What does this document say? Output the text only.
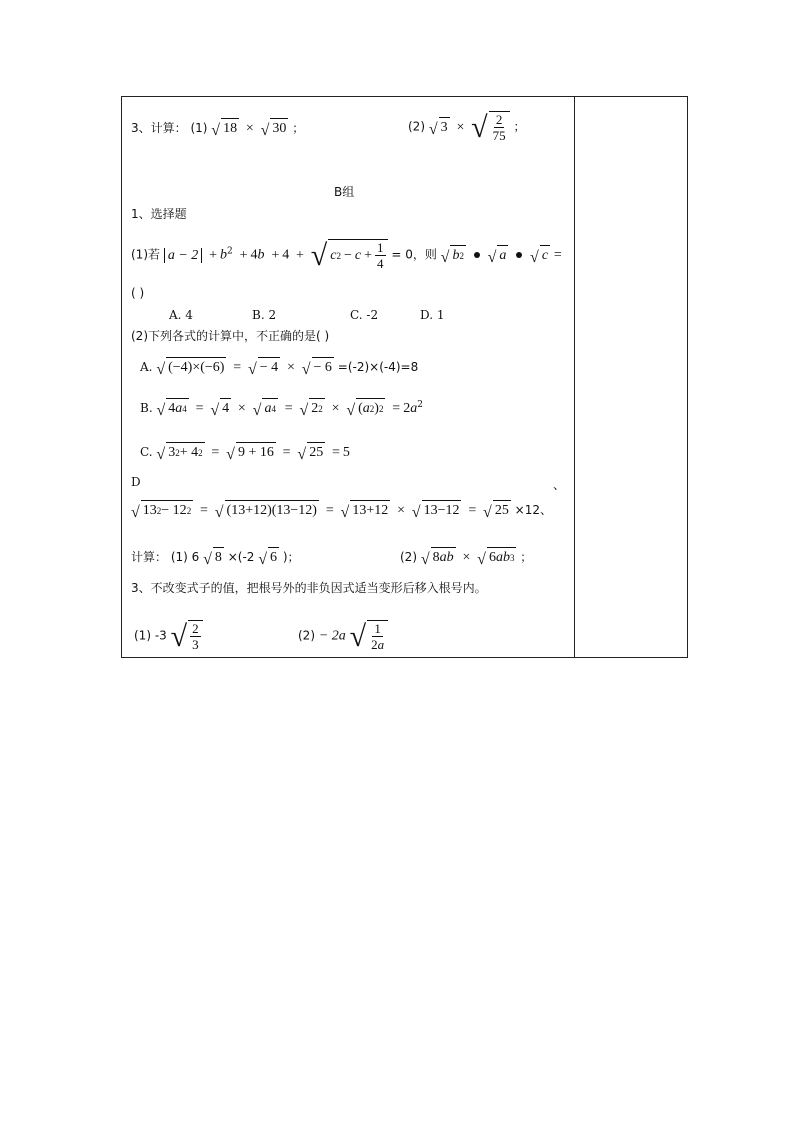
3、计算： (1) √ 18 × √ 30 ；	(2) √ 3 × √ $\frac{2}{75}$ ；
B组
1、选择题
(1)若 $a - 2 + b^2 + 4b + 4$ + √ c $2 - c + \frac{1}{4} = 0$，则 √ b 2
√ a
√ c =
( )
A. 4	B. 2	C. -2	D. 1
(2)下列各式的计算中，不正确的是( )
A. √ (−4)×(−6) = √ − 4 × √ − 6 =(-2)×(-4)=8
B. √ 4 a 4 = √ 4 × √ a 4 = √ 2 2 × √ ( a 2 ) $2 = 2a^2$
C. √ 3 2 + 4 2 = √ 9 + 16 = √ 25 = 5
D	、
√ 13 2 − 12 2 = √ (13+12)(13−12) = √ 13+12 × √ 13−12 = √ 25 ×12、
计算： (1) 6 √ 8 ×(-2 √ 6 )；	(2) √ 8 ab × √ 6 ab 3 ；
3、不改变式子的值，把根号外的非负因式适当变形后移入根号内。
(1) -3 √ $\frac{2}{3}$	(2) − 2a √ $\frac{1}{2a}$
